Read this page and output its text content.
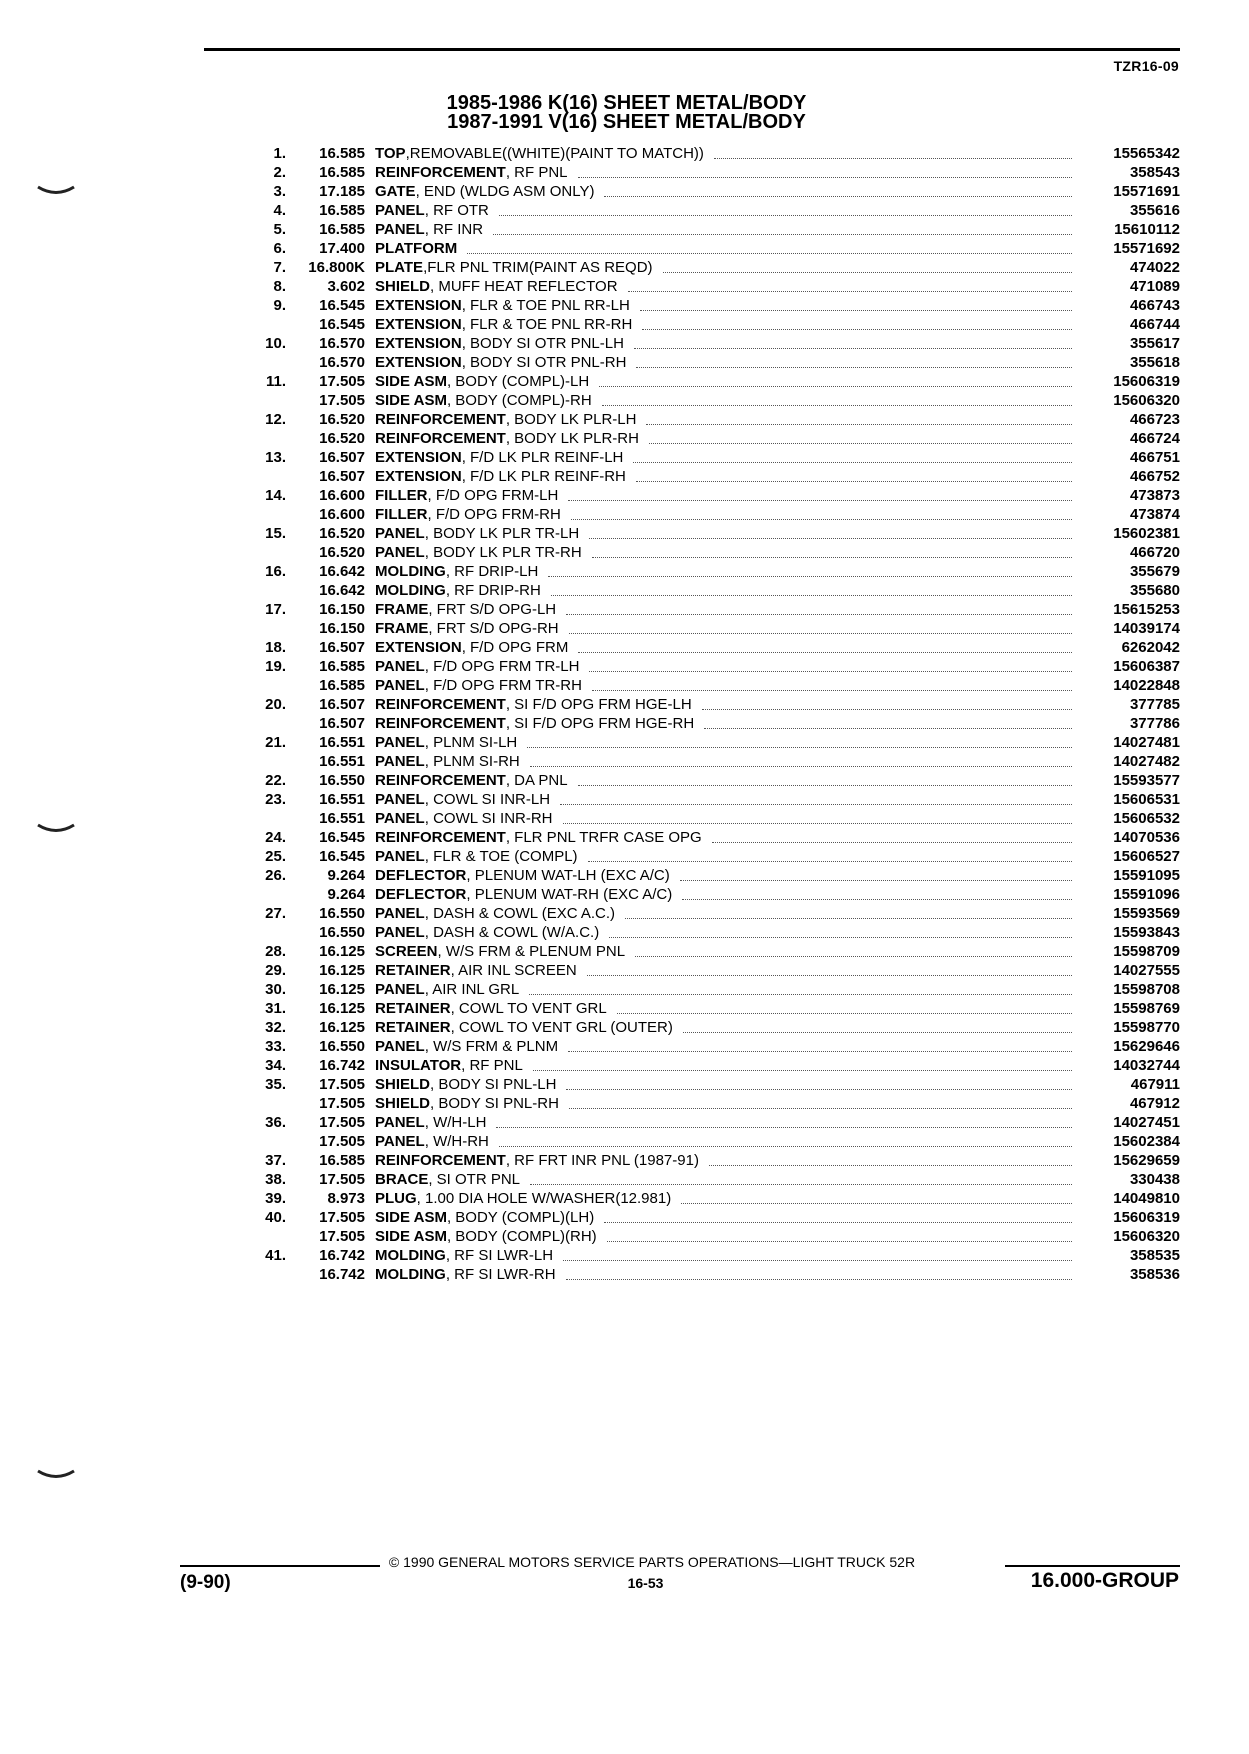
TZR16-09
1985-1986 K(16) SHEET METAL/BODY
1987-1991 V(16) SHEET METAL/BODY
1.	16.585 TOP ,REMOVABLE((WHITE)(PAINT TO MATCH))	15565342
2.	16.585 REINFORCEMENT , RF PNL	358543
3.	17.185 GATE , END (WLDG ASM ONLY)	15571691
4.	16.585 PANEL , RF OTR	355616
5.	16.585 PANEL , RF INR	15610112
6.	17.400 PLATFORM	15571692
7.	16.800K PLATE ,FLR PNL TRIM(PAINT AS REQD)	474022
8.	3.602 SHIELD , MUFF HEAT REFLECTOR	471089
9.	16.545 EXTENSION , FLR & TOE PNL RR-LH	466743
16.545 EXTENSION , FLR & TOE PNL RR-RH	466744
10.	16.570 EXTENSION , BODY SI OTR PNL-LH	355617
16.570 EXTENSION , BODY SI OTR PNL-RH	355618
11.	17.505 SIDE ASM , BODY (COMPL)-LH	15606319
17.505 SIDE ASM , BODY (COMPL)-RH	15606320
12.	16.520 REINFORCEMENT , BODY LK PLR-LH	466723
16.520 REINFORCEMENT , BODY LK PLR-RH	466724
13.	16.507 EXTENSION , F/D LK PLR REINF-LH	466751
16.507 EXTENSION , F/D LK PLR REINF-RH	466752
14.	16.600 FILLER , F/D OPG FRM-LH	473873
16.600 FILLER , F/D OPG FRM-RH	473874
15.	16.520 PANEL , BODY LK PLR TR-LH	15602381
16.520 PANEL , BODY LK PLR TR-RH	466720
16.	16.642 MOLDING , RF DRIP-LH	355679
16.642 MOLDING , RF DRIP-RH	355680
17.	16.150 FRAME , FRT S/D OPG-LH	15615253
16.150 FRAME , FRT S/D OPG-RH	14039174
18.	16.507 EXTENSION , F/D OPG FRM	6262042
19.	16.585 PANEL , F/D OPG FRM TR-LH	15606387
16.585 PANEL , F/D OPG FRM TR-RH	14022848
20.	16.507 REINFORCEMENT , SI F/D OPG FRM HGE-LH	377785
16.507 REINFORCEMENT , SI F/D OPG FRM HGE-RH	377786
21.	16.551 PANEL , PLNM SI-LH	14027481
16.551 PANEL , PLNM SI-RH	14027482
22.	16.550 REINFORCEMENT , DA PNL	15593577
23.	16.551 PANEL , COWL SI INR-LH	15606531
16.551 PANEL , COWL SI INR-RH	15606532
24.	16.545 REINFORCEMENT , FLR PNL TRFR CASE OPG	14070536
25.	16.545 PANEL , FLR & TOE (COMPL)	15606527
26.	9.264 DEFLECTOR , PLENUM WAT-LH (EXC A/C)	15591095
9.264 DEFLECTOR , PLENUM WAT-RH (EXC A/C)	15591096
27.	16.550 PANEL , DASH & COWL (EXC A.C.)	15593569
16.550 PANEL , DASH & COWL (W/A.C.)	15593843
28.	16.125 SCREEN , W/S FRM & PLENUM PNL	15598709
29.	16.125 RETAINER , AIR INL SCREEN	14027555
30.	16.125 PANEL , AIR INL GRL	15598708
31.	16.125 RETAINER , COWL TO VENT GRL	15598769
32.	16.125 RETAINER , COWL TO VENT GRL (OUTER)	15598770
33.	16.550 PANEL , W/S FRM & PLNM	15629646
34.	16.742 INSULATOR , RF PNL	14032744
35.	17.505 SHIELD , BODY SI PNL-LH	467911
17.505 SHIELD , BODY SI PNL-RH	467912
36.	17.505 PANEL , W/H-LH	14027451
17.505 PANEL , W/H-RH	15602384
37.	16.585 REINFORCEMENT , RF FRT INR PNL (1987-91)	15629659
38.	17.505 BRACE , SI OTR PNL	330438
39.	8.973 PLUG , 1.00 DIA HOLE W/WASHER(12.981)	14049810
40.	17.505 SIDE ASM , BODY (COMPL)(LH)	15606319
17.505 SIDE ASM , BODY (COMPL)(RH)	15606320
41.	16.742 MOLDING , RF SI LWR-LH	358535
16.742 MOLDING , RF SI LWR-RH	358536
© 1990 GENERAL MOTORS SERVICE PARTS OPERATIONS—LIGHT TRUCK 52R
16-53
(9-90)	16.000-GROUP
